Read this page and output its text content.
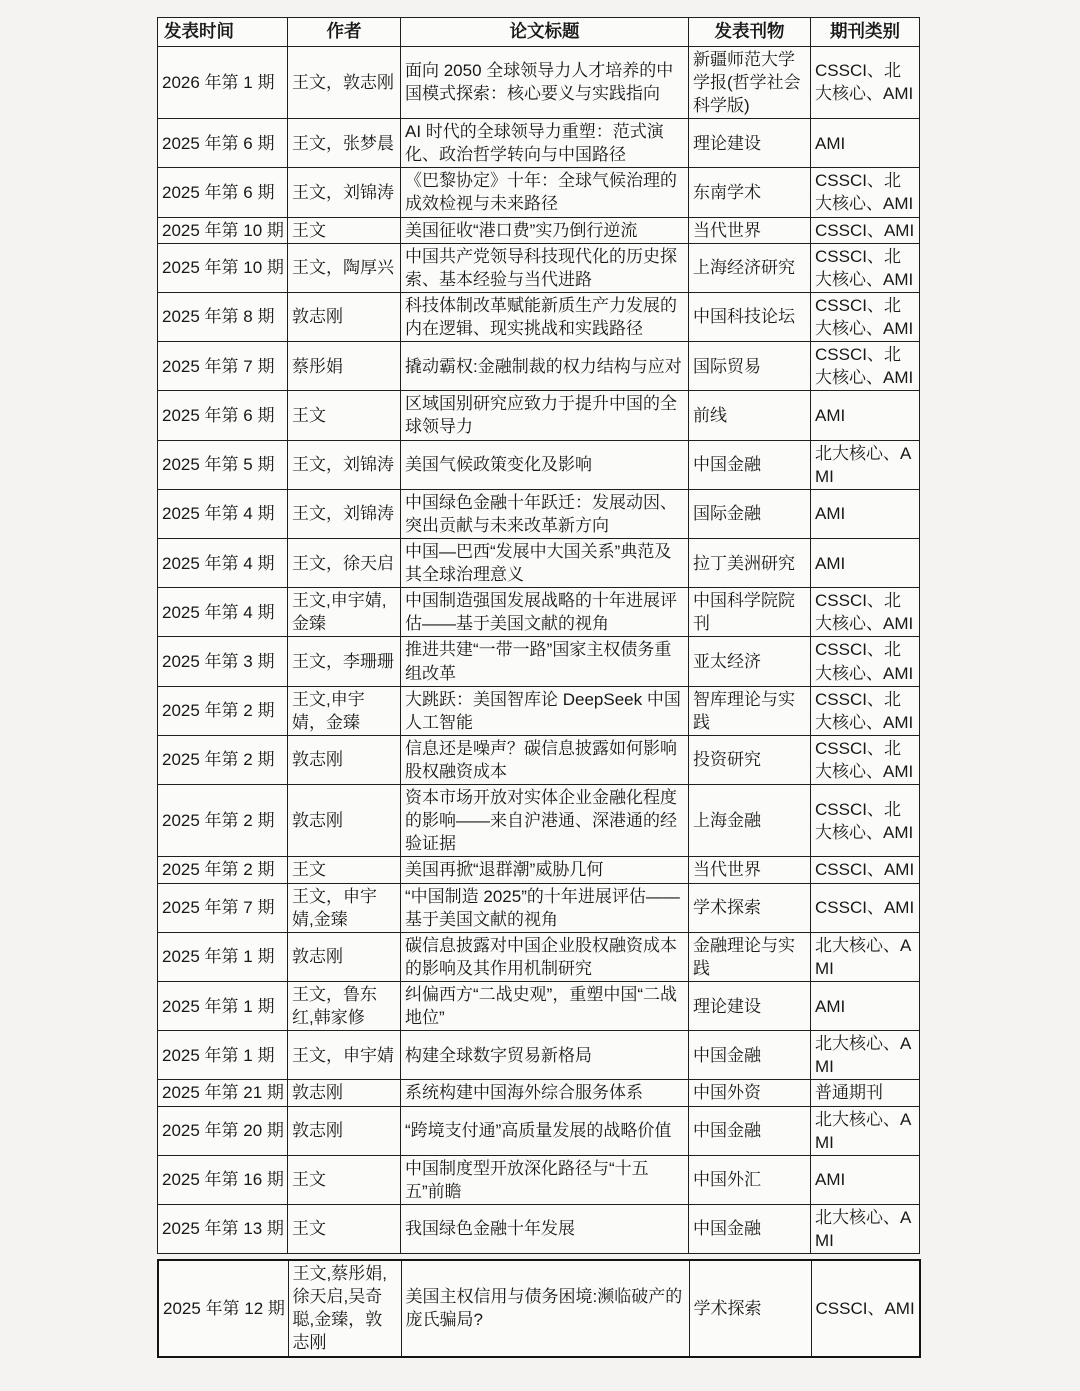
发表时间	作者	论文标题	发表刊物	期刊类别
2026 年第 1 期	王文，敦志刚	面向 2050 全球领导力人才培养的中国模式探索：核心要义与实践指向	新疆师范大学学报(哲学社会科学版)	CSSCI、北大核心、AMI
2025 年第 6 期	王文，张梦晨	AI 时代的全球领导力重塑：范式演化、政治哲学转向与中国路径	理论建设	AMI
2025 年第 6 期	王文，刘锦涛	《巴黎协定》十年：全球气候治理的成效检视与未来路径	东南学术	CSSCI、北大核心、AMI
2025 年第 10 期	王文	美国征收“港口费”实乃倒行逆流	当代世界	CSSCI、AMI
2025 年第 10 期	王文，陶厚兴	中国共产党领导科技现代化的历史探索、基本经验与当代进路	上海经济研究	CSSCI、北大核心、AMI
2025 年第 8 期	敦志刚	科技体制改革赋能新质生产力发展的内在逻辑、现实挑战和实践路径	中国科技论坛	CSSCI、北大核心、AMI
2025 年第 7 期	蔡彤娟	撬动霸权:金融制裁的权力结构与应对	国际贸易	CSSCI、北大核心、AMI
2025 年第 6 期	王文	区域国别研究应致力于提升中国的全球领导力	前线	AMI
2025 年第 5 期	王文，刘锦涛	美国气候政策变化及影响	中国金融	北大核心、AMI
2025 年第 4 期	王文，刘锦涛	中国绿色金融十年跃迁：发展动因、突出贡献与未来改革新方向	国际金融	AMI
2025 年第 4 期	王文，徐天启	中国—巴西“发展中大国关系”典范及其全球治理意义	拉丁美洲研究	AMI
2025 年第 4 期	王文,申宇婧,金臻	中国制造强国发展战略的十年进展评估——基于美国文献的视角	中国科学院院刊	CSSCI、北大核心、AMI
2025 年第 3 期	王文，李珊珊	推进共建“一带一路”国家主权债务重组改革	亚太经济	CSSCI、北大核心、AMI
2025 年第 2 期	王文,申宇婧，金臻	大跳跃：美国智库论 DeepSeek 中国人工智能	智库理论与实践	CSSCI、北大核心、AMI
2025 年第 2 期	敦志刚	信息还是噪声？碳信息披露如何影响股权融资成本	投资研究	CSSCI、北大核心、AMI
2025 年第 2 期	敦志刚	资本市场开放对实体企业金融化程度的影响——来自沪港通、深港通的经验证据	上海金融	CSSCI、北大核心、AMI
2025 年第 2 期	王文	美国再掀“退群潮”威胁几何	当代世界	CSSCI、AMI
2025 年第 7 期	王文，申宇婧,金臻	“中国制造 2025”的十年进展评估——基于美国文献的视角	学术探索	CSSCI、AMI
2025 年第 1 期	敦志刚	碳信息披露对中国企业股权融资成本的影响及其作用机制研究	金融理论与实践	北大核心、AMI
2025 年第 1 期	王文，鲁东红,韩家修	纠偏西方“二战史观”，重塑中国“二战地位”	理论建设	AMI
2025 年第 1 期	王文，申宇婧	构建全球数字贸易新格局	中国金融	北大核心、AMI
2025 年第 21 期	敦志刚	系统构建中国海外综合服务体系	中国外资	普通期刊
2025 年第 20 期	敦志刚	“跨境支付通”高质量发展的战略价值	中国金融	北大核心、AMI
2025 年第 16 期	王文	中国制度型开放深化路径与“十五五”前瞻	中国外汇	AMI
2025 年第 13 期	王文	我国绿色金融十年发展	中国金融	北大核心、AMI
2025 年第 12 期	王文,蔡彤娟,徐天启,吴奇聪,金臻，敦志刚	美国主权信用与债务困境:濒临破产的庞氏骗局?	学术探索	CSSCI、AMI
